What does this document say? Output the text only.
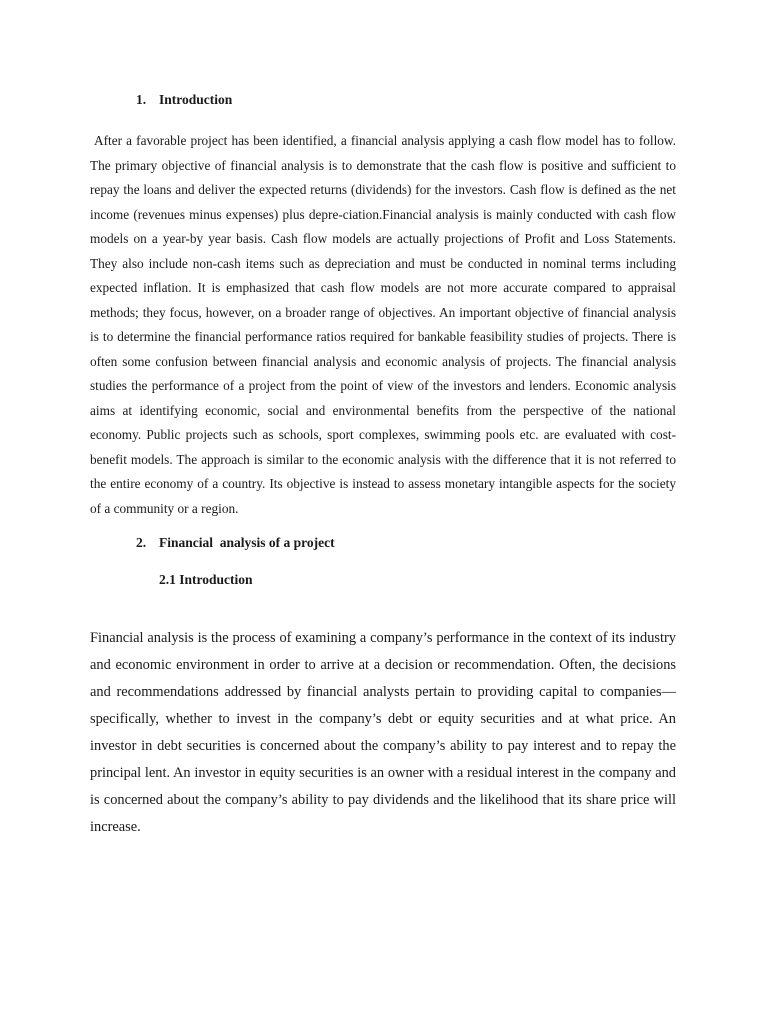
1. Introduction
After a favorable project has been identified, a financial analysis applying a cash flow model has to follow. The primary objective of financial analysis is to demonstrate that the cash flow is positive and sufficient to repay the loans and deliver the expected returns (dividends) for the investors. Cash flow is defined as the net income (revenues minus expenses) plus depre-ciation.Financial analysis is mainly conducted with cash flow models on a year-by year basis. Cash flow models are actually projections of Profit and Loss Statements. They also include non-cash items such as depreciation and must be conducted in nominal terms including expected inflation. It is emphasized that cash flow models are not more accurate compared to appraisal methods; they focus, however, on a broader range of objectives. An important objective of financial analysis is to determine the financial performance ratios required for bankable feasibility studies of projects. There is often some confusion between financial analysis and economic analysis of projects. The financial analysis studies the performance of a project from the point of view of the investors and lenders. Economic analysis aims at identifying economic, social and environmental benefits from the perspective of the national economy. Public projects such as schools, sport complexes, swimming pools etc. are evaluated with cost-benefit models. The approach is similar to the economic analysis with the difference that it is not referred to the entire economy of a country. Its objective is instead to assess monetary intangible aspects for the society of a community or a region.
2. Financial  analysis of a project
2.1 Introduction
Financial analysis is the process of examining a company’s performance in the context of its industry and economic environment in order to arrive at a decision or recommendation. Often, the decisions and recommendations addressed by financial analysts pertain to providing capital to companies—specifically, whether to invest in the company’s debt or equity securities and at what price. An investor in debt securities is concerned about the company’s ability to pay interest and to repay the principal lent. An investor in equity securities is an owner with a residual interest in the company and is concerned about the company’s ability to pay dividends and the likelihood that its share price will increase.
